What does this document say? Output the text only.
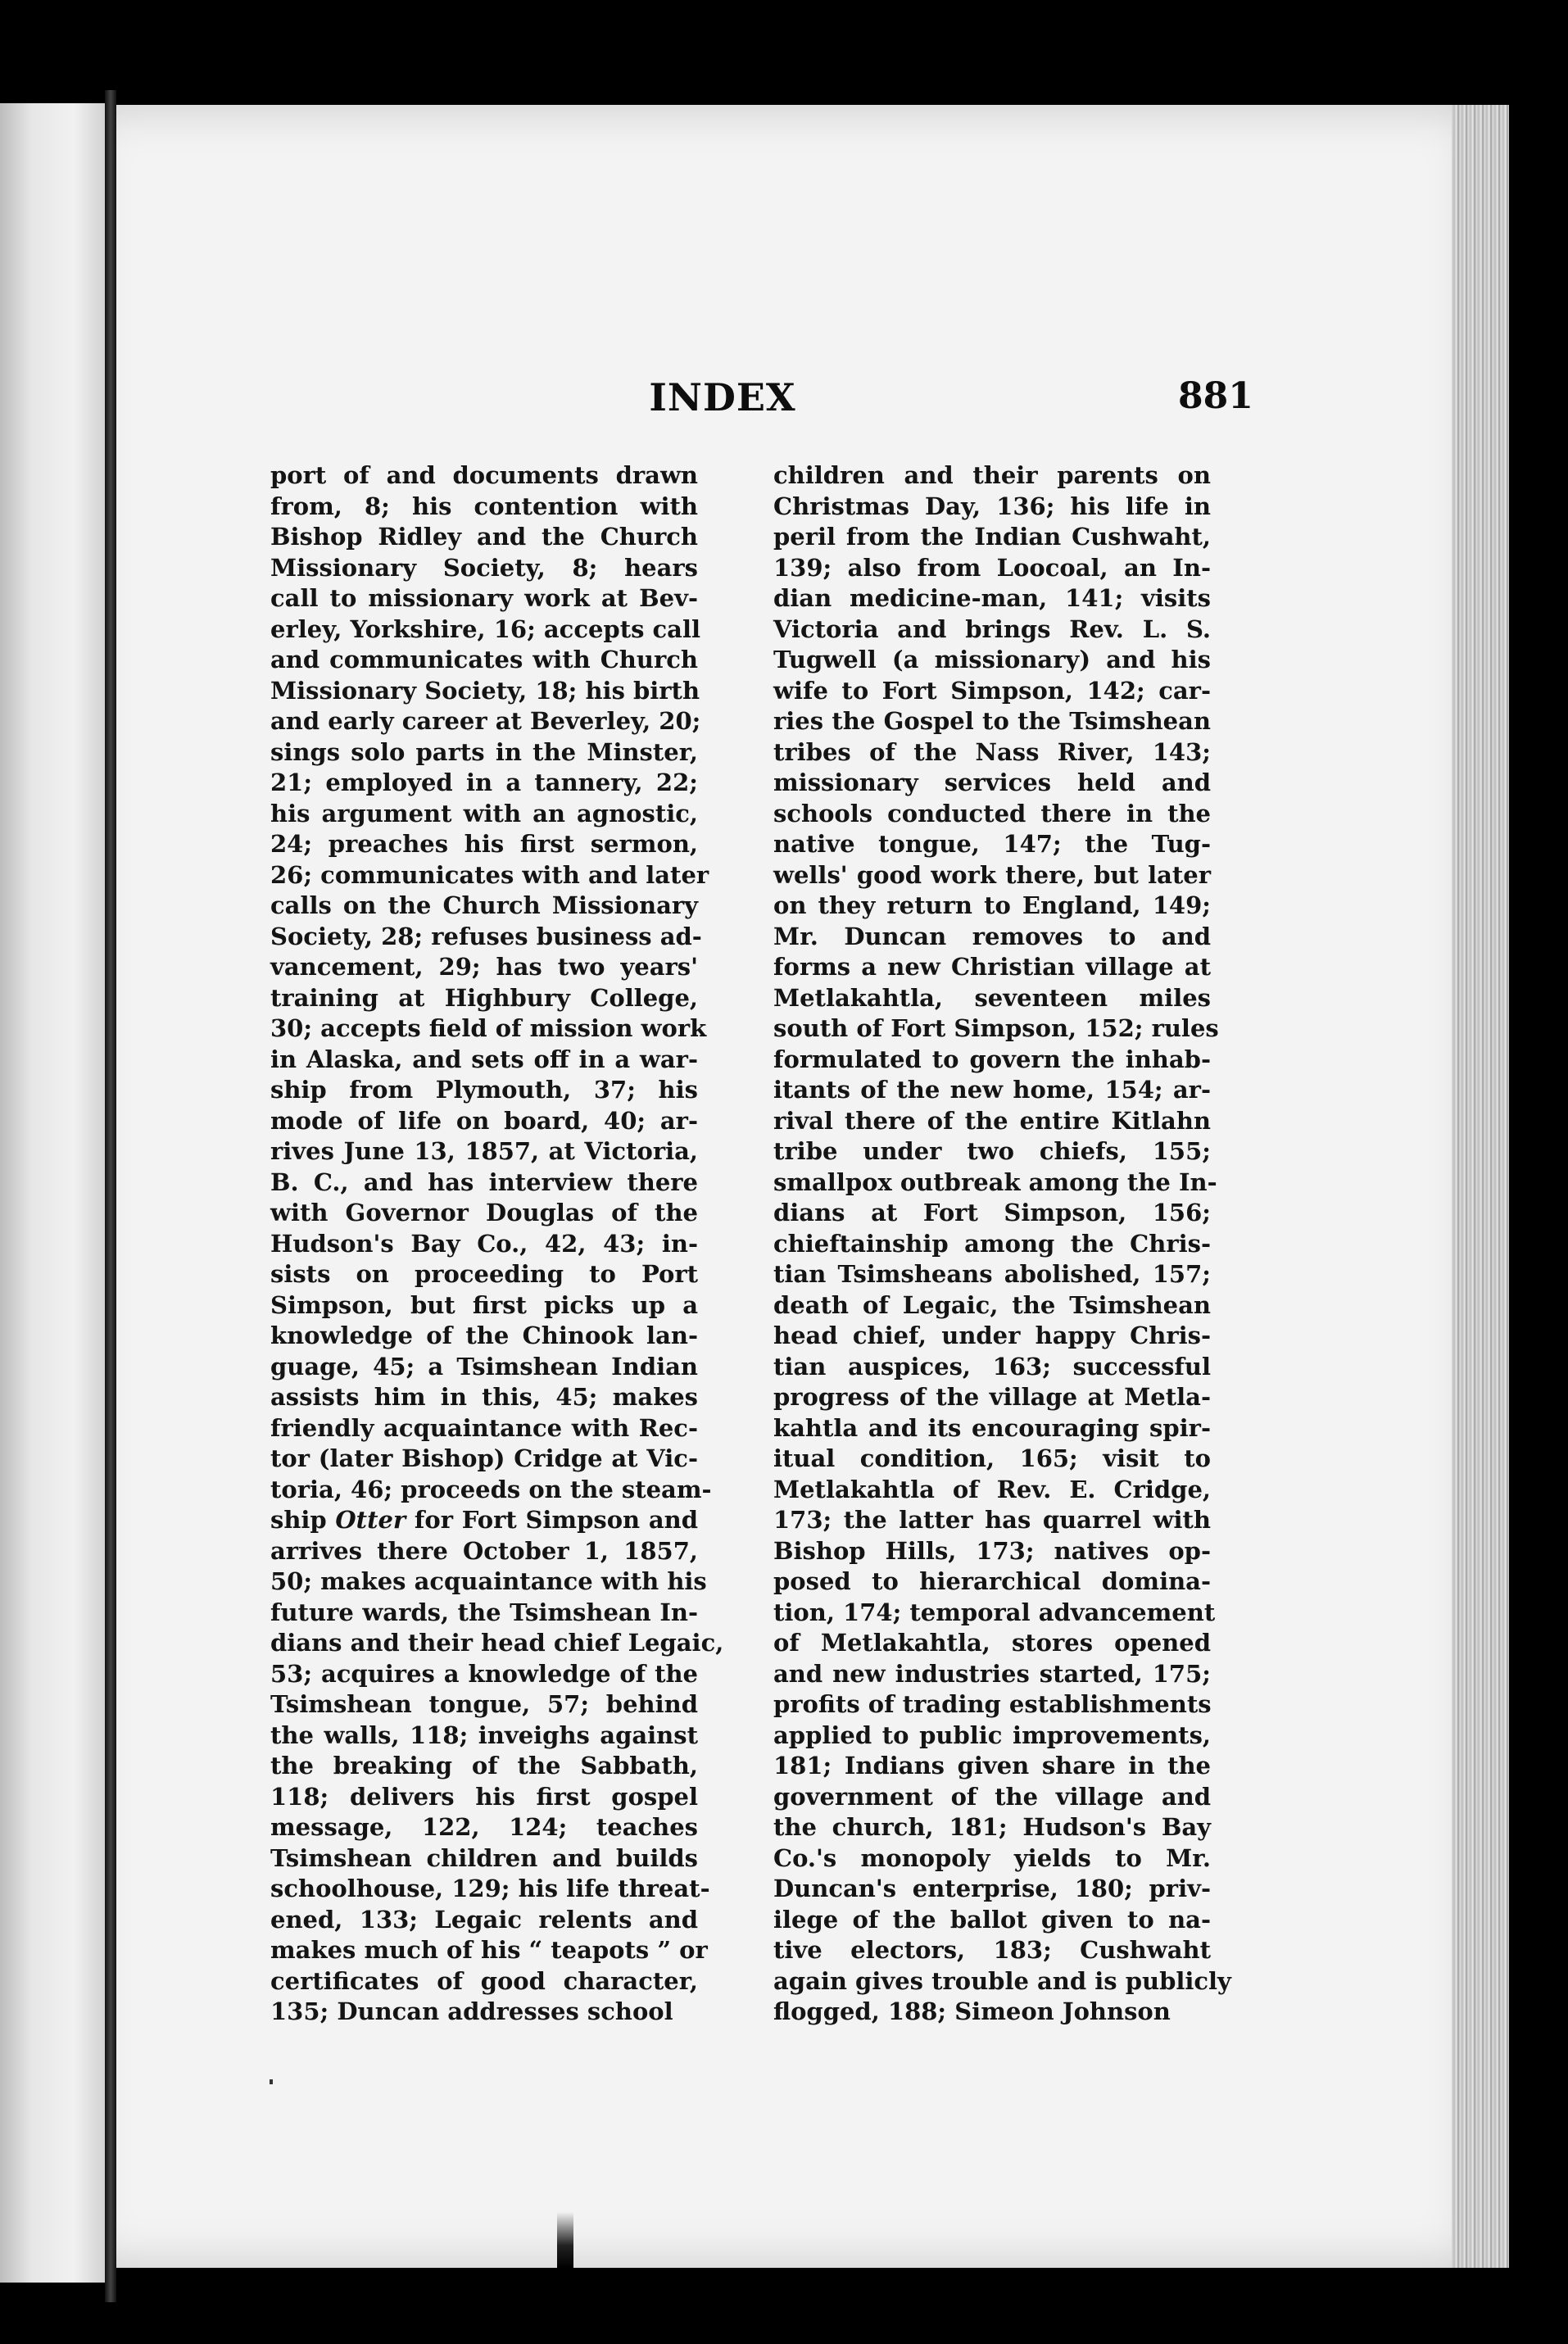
INDEX	881
port of and documents drawn
from, 8; his contention with
Bishop Ridley and the Church
Missionary Society, 8; hears
call to missionary work at Bev-
erley, Yorkshire, 16; accepts call
and communicates with Church
Missionary Society, 18; his birth
and early career at Beverley, 20;
sings solo parts in the Minster,
21; employed in a tannery, 22;
his argument with an agnostic,
24; preaches his first sermon,
26; communicates with and later
calls on the Church Missionary
Society, 28; refuses business ad-
vancement, 29; has two years'
training at Highbury College,
30; accepts field of mission work
in Alaska, and sets off in a war-
ship from Plymouth, 37; his
mode of life on board, 40; ar-
rives June 13, 1857, at Victoria,
B. C., and has interview there
with Governor Douglas of the
Hudson's Bay Co., 42, 43; in-
sists on proceeding to Port
Simpson, but first picks up a
knowledge of the Chinook lan-
guage, 45; a Tsimshean Indian
assists him in this, 45; makes
friendly acquaintance with Rec-
tor (later Bishop) Cridge at Vic-
toria, 46; proceeds on the steam-
ship Otter for Fort Simpson and
arrives there October 1, 1857,
50; makes acquaintance with his
future wards, the Tsimshean In-
dians and their head chief Legaic,
53; acquires a knowledge of the
Tsimshean tongue, 57; behind
the walls, 118; inveighs against
the breaking of the Sabbath,
118; delivers his first gospel
message, 122, 124; teaches
Tsimshean children and builds
schoolhouse, 129; his life threat-
ened, 133; Legaic relents and
makes much of his “ teapots ” or
certificates of good character,
135; Duncan addresses school
children and their parents on
Christmas Day, 136; his life in
peril from the Indian Cushwaht,
139; also from Loocoal, an In-
dian medicine-man, 141; visits
Victoria and brings Rev. L. S.
Tugwell (a missionary) and his
wife to Fort Simpson, 142; car-
ries the Gospel to the Tsimshean
tribes of the Nass River, 143;
missionary services held and
schools conducted there in the
native tongue, 147; the Tug-
wells' good work there, but later
on they return to England, 149;
Mr. Duncan removes to and
forms a new Christian village at
Metlakahtla, seventeen miles
south of Fort Simpson, 152; rules
formulated to govern the inhab-
itants of the new home, 154; ar-
rival there of the entire Kitlahn
tribe under two chiefs, 155;
smallpox outbreak among the In-
dians at Fort Simpson, 156;
chieftainship among the Chris-
tian Tsimsheans abolished, 157;
death of Legaic, the Tsimshean
head chief, under happy Chris-
tian auspices, 163; successful
progress of the village at Metla-
kahtla and its encouraging spir-
itual condition, 165; visit to
Metlakahtla of Rev. E. Cridge,
173; the latter has quarrel with
Bishop Hills, 173; natives op-
posed to hierarchical domina-
tion, 174; temporal advancement
of Metlakahtla, stores opened
and new industries started, 175;
profits of trading establishments
applied to public improvements,
181; Indians given share in the
government of the village and
the church, 181; Hudson's Bay
Co.'s monopoly yields to Mr.
Duncan's enterprise, 180; priv-
ilege of the ballot given to na-
tive electors, 183; Cushwaht
again gives trouble and is publicly
flogged, 188; Simeon Johnson
